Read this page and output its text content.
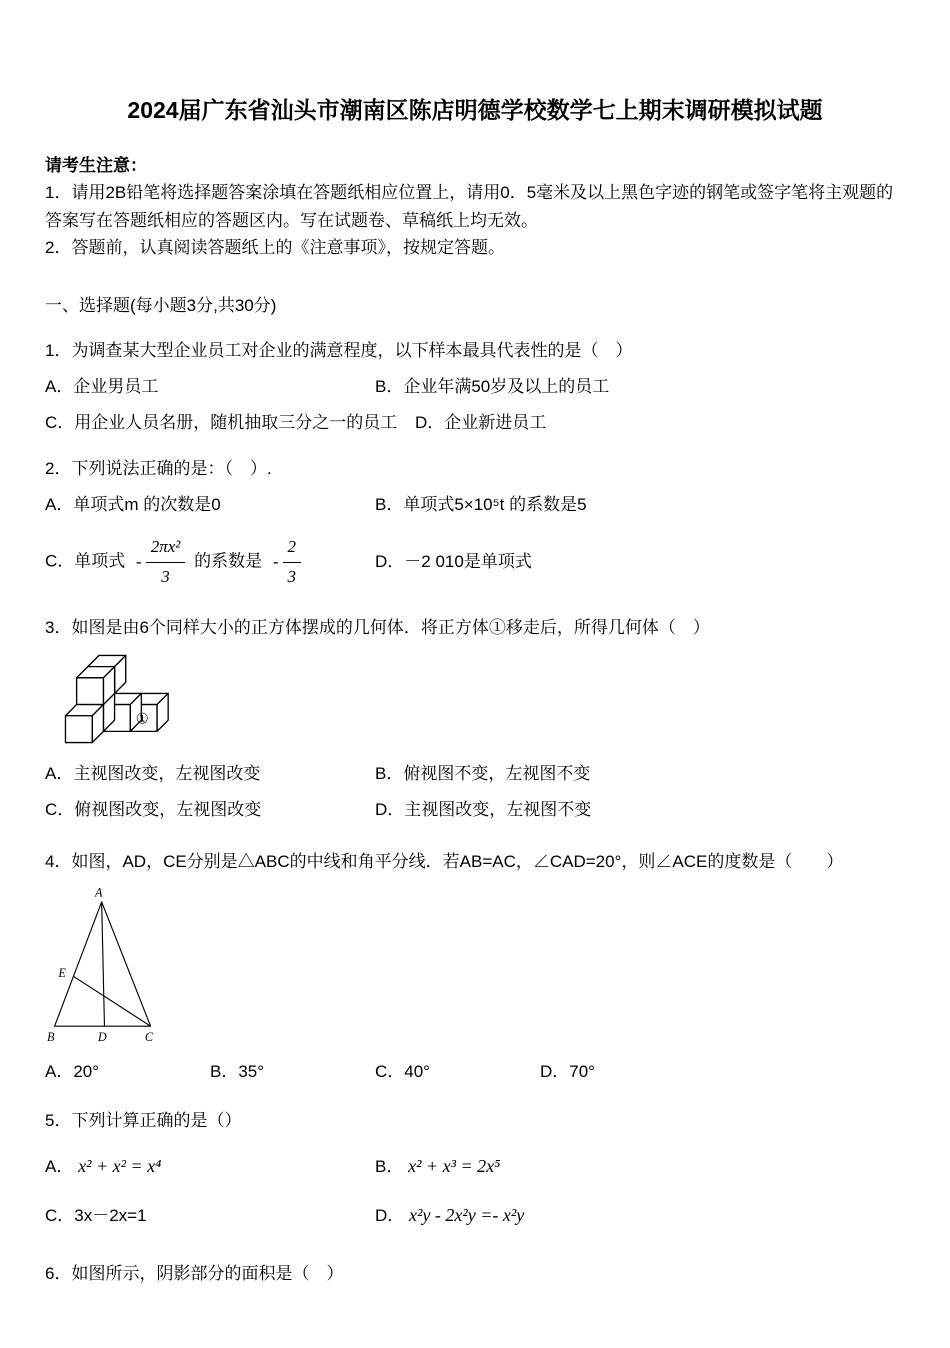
2024届广东省汕头市潮南区陈店明德学校数学七上期末调研模拟试题

请考生注意：

1．请用2B铅笔将选择题答案涂填在答题纸相应位置上，请用0．5毫米及以上黑色字迹的钢笔或签字笔将主观题的答案写在答题纸相应的答题区内。写在试题卷、草稿纸上均无效。

2．答题前，认真阅读答题纸上的《注意事项》，按规定答题。

一、选择题(每小题3分,共30分)

1．为调查某大型企业员工对企业的满意程度，以下样本最具代表性的是（　）

A．企业男员工	B．企业年满50岁及以上的员工
C．用企业人员名册，随机抽取三分之一的员工	D．企业新进员工

2．下列说法正确的是：（　）.

A．单项式m 的次数是0	B．单项式5×10⁵t 的系数是5
C．单项式 - $\frac{\text{2πx²}}{3}$ 的系数是 - $\frac{2}{3}$	D．－2 010是单项式

3．如图是由6个同样大小的正方体摆成的几何体．将正方体①移走后，所得几何体（　）

①
A．主视图改变，左视图改变	B．俯视图不变，左视图不变
C．俯视图改变，左视图改变	D．主视图改变，左视图不变

4．如图，AD，CE分别是△ABC的中线和角平分线．若AB=AC，∠CAD=20°，则∠ACE的度数是（　　）

A
E
B	D	C
A．20°	B．35°	C．40°	D．70°

5．下列计算正确的是（）

A． x² + x² = x⁴	B． x² + x³ = 2x⁵
C．3x－2x=1	D． x²y - 2x²y =- x²y

6．如图所示，阴影部分的面积是（　）
